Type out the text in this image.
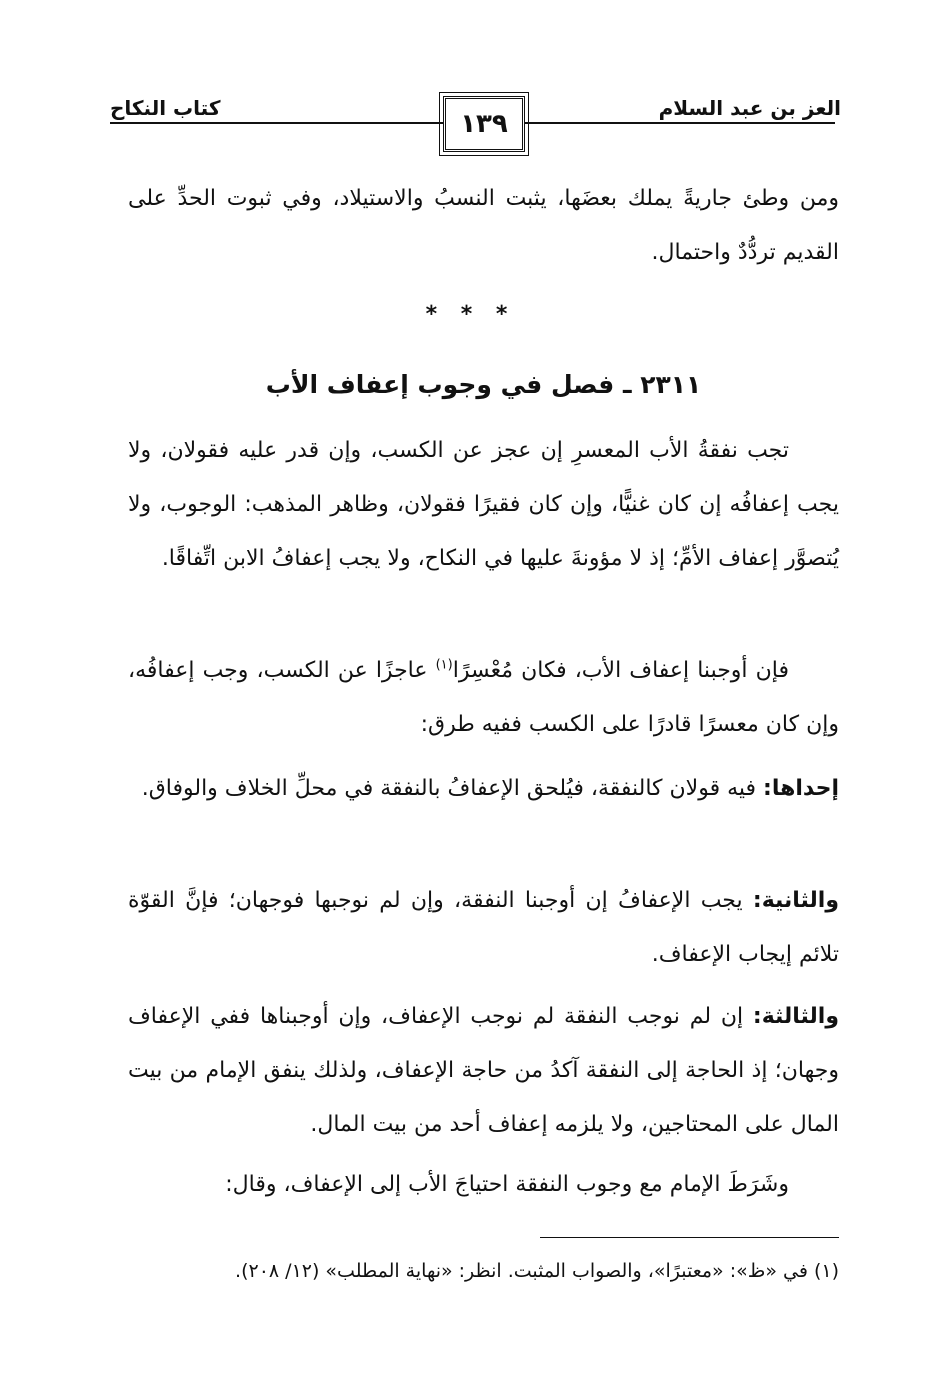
العز بن عبد السلام
كتاب النكاح
١٣٩
ومن وطئ جاريةً يملك بعضَها، يثبت النسبُ والاستيلاد، وفي ثبوت الحدِّ على القديم تردُّدٌ واحتمال.
* * *
٢٣١١ ـ فصل في وجوب إعفاف الأب
تجب نفقةُ الأب المعسرِ إن عجز عن الكسب، وإن قدر عليه فقولان، ولا يجب إعفافُه إن كان غنيًّا، وإن كان فقيرًا فقولان، وظاهر المذهب: الوجوب، ولا يُتصوَّر إعفاف الأمِّ؛ إذ لا مؤونةَ عليها في النكاح، ولا يجب إعفافُ الابن اتِّفاقًا.
فإن أوجبنا إعفاف الأب، فكان مُعْسِرًا$^{(١)}$ عاجزًا عن الكسب، وجب إعفافُه، وإن كان معسرًا قادرًا على الكسب ففيه طرق:
إحداها: فيه قولان كالنفقة، فيُلحق الإعفافُ بالنفقة في محلِّ الخلاف والوفاق.
والثانية: يجب الإعفافُ إن أوجبنا النفقة، وإن لم نوجبها فوجهان؛ فإنَّ القوّة تلائم إيجاب الإعفاف.
والثالثة: إن لم نوجب النفقة لم نوجب الإعفاف، وإن أوجبناها ففي الإعفاف وجهان؛ إذ الحاجة إلى النفقة آكدُ من حاجة الإعفاف، ولذلك ينفق الإمام من بيت المال على المحتاجين، ولا يلزمه إعفاف أحد من بيت المال.
وشَرَطَ الإمام مع وجوب النفقة احتياجَ الأب إلى الإعفاف، وقال:
(١) في «ظ»: «معتبرًا»، والصواب المثبت. انظر: «نهاية المطلب» (١٢/ ٢٠٨).
